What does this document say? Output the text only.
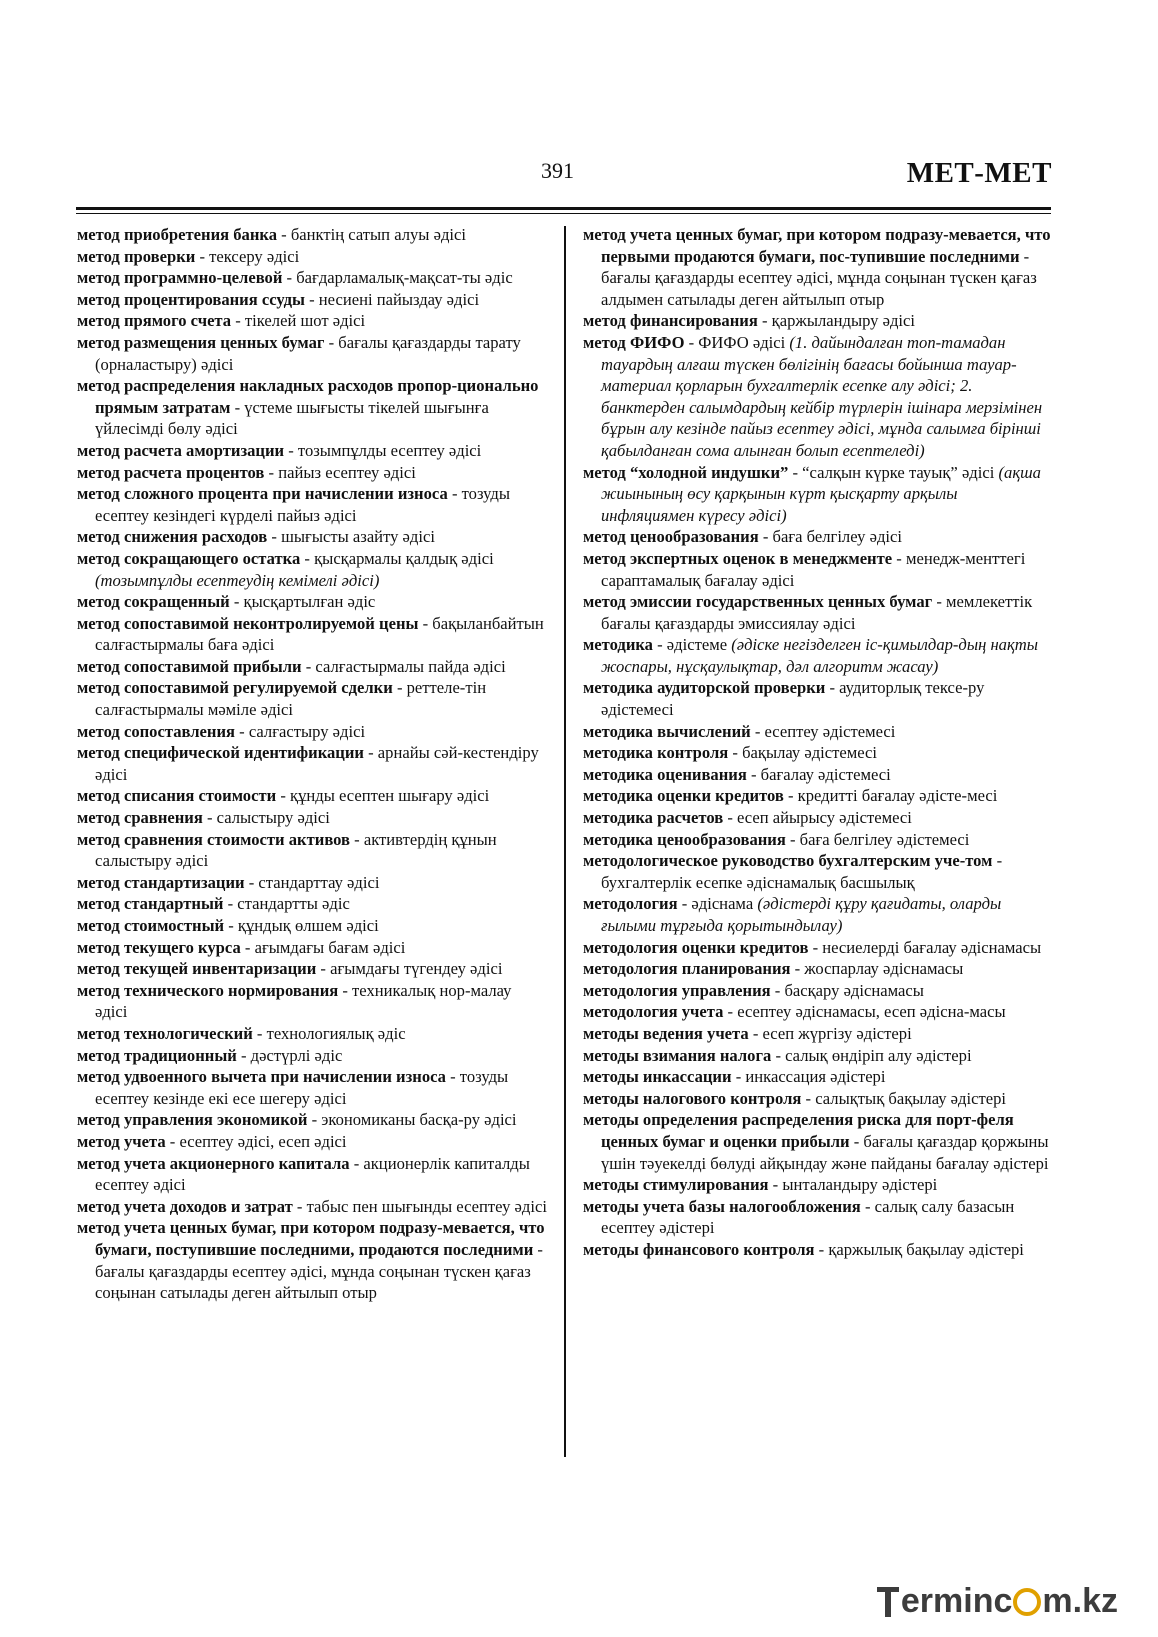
391	МЕТ-МЕТ

метод приобретения банка - банктің сатып алуы әдісі

метод проверки - тексеру әдісі

метод программно-целевой - бағдарламалық-мақсат-ты әдіс

метод процентирования ссуды - несиені пайыздау әдісі

метод прямого счета - тікелей шот әдісі

метод размещения ценных бумаг - бағалы қағаздарды тарату (орналастыру) әдісі

метод распределения накладных расходов пропор-ционально прямым затратам - үстеме шығысты тікелей шығынға үйлесімді бөлу әдісі

метод расчета амортизации - тозымпұлды есептеу әдісі

метод расчета процентов - пайыз есептеу әдісі

метод сложного процента при начислении износа - тозуды есептеу кезіндегі күрделі пайыз әдісі

метод снижения расходов - шығысты азайту әдісі

метод сокращающего остатка - қысқармалы қалдық әдісі (тозымпұлды есептеудің кемімелі әдісі)

метод сокращенный - қысқартылған әдіс

метод сопоставимой неконтролируемой цены - бақыланбайтын салғастырмалы баға әдісі

метод сопоставимой прибыли - салғастырмалы пайда әдісі

метод сопоставимой регулируемой сделки - реттеле-тін салғастырмалы мәміле әдісі

метод сопоставления - салғастыру әдісі

метод специфической идентификации - арнайы сәй-кестендіру әдісі

метод списания стоимости - құнды есептен шығару әдісі

метод сравнения - салыстыру әдісі

метод сравнения стоимости активов - активтердің құнын салыстыру әдісі

метод стандартизации - стандарттау әдісі

метод стандартный - стандартты әдіс

метод стоимостный - құндық өлшем әдісі

метод текущего курса - ағымдағы бағам әдісі

метод текущей инвентаризации - ағымдағы түгендеу әдісі

метод технического нормирования - техникалық нор-малау әдісі

метод технологический - технологиялық әдіс

метод традиционный - дәстүрлі әдіс

метод удвоенного вычета при начислении износа - тозуды есептеу кезінде екі есе шегеру әдісі

метод управления экономикой - экономиканы басқа-ру әдісі

метод учета - есептеу әдісі, есеп әдісі

метод учета акционерного капитала - акционерлік капиталды есептеу әдісі

метод учета доходов и затрат - табыс пен шығынды есептеу әдісі

метод учета ценных бумаг, при котором подразу-мевается, что бумаги, поступившие последними, продаются последними - бағалы қағаздарды есептеу әдісі, мұнда соңынан түскен қағаз соңынан сатылады деген айтылып отыр

метод учета ценных бумаг, при котором подразу-мевается, что первыми продаются бумаги, пос-тупившие последними - бағалы қағаздарды есептеу әдісі, мұнда соңынан түскен қағаз алдымен сатылады деген айтылып отыр

метод финансирования - қаржыландыру әдісі

метод ФИФО - ФИФО әдісі (1. дайындалған топ-тамадан тауардың алғаш түскен бөлігінің бағасы бойынша тауар-материал қорларын бухгалтерлік есепке алу әдісі; 2. банктерден салымдардың кейбір түрлерін ішінара мерзімінен бұрын алу кезінде пайыз есептеу әдісі, мұнда салымға бірінші қабылданған сома алынған болып есептеледі)

метод “холодной индушки” - “салқын күрке тауық” әдісі (ақша жиынының өсу қарқынын күрт қысқарту арқылы инфляциямен күресу әдісі)

метод ценообразования - баға белгілеу әдісі

метод экспертных оценок в менеджменте - менедж-менттегі сараптамалық бағалау әдісі

метод эмиссии государственных ценных бумаг - мемлекеттік бағалы қағаздарды эмиссиялау әдісі

методика - әдістеме (әдіске негізделген іс-қимылдар-дың нақты жоспары, нұсқаулықтар, дәл алгоритм жасау)

методика аудиторской проверки - аудиторлық тексе-ру әдістемесі

методика вычислений - есептеу әдістемесі

методика контроля - бақылау әдістемесі

методика оценивания - бағалау әдістемесі

методика оценки кредитов - кредитті бағалау әдісте-месі

методика расчетов - есеп айырысу әдістемесі

методика ценообразования - баға белгілеу әдістемесі

методологическое руководство бухгалтерским уче-том - бухгалтерлік есепке әдіснамалық басшылық

методология - әдіснама (әдістерді құру қағидаты, оларды ғылыми тұрғыда қорытындылау)

методология оценки кредитов - несиелерді бағалау әдіснамасы

методология планирования - жоспарлау әдіснамасы

методология управления - басқару әдіснамасы

методология учета - есептеу әдіснамасы, есеп әдісна-масы

методы ведения учета - есеп жүргізу әдістері

методы взимания налога - салық өндіріп алу әдістері

методы инкассации - инкассация әдістері

методы налогового контроля - салықтық бақылау әдістері

методы определения распределения риска для порт-феля ценных бумаг и оценки прибыли - бағалы қағаздар қоржыны үшін тәуекелді бөлуді айқындау және пайданы бағалау әдістері

методы стимулирования - ынталандыру әдістері

методы учета базы налогообложения - салық салу базасын есептеу әдістері

методы финансового контроля - қаржылық бақылау әдістері

ermin c m.kz
